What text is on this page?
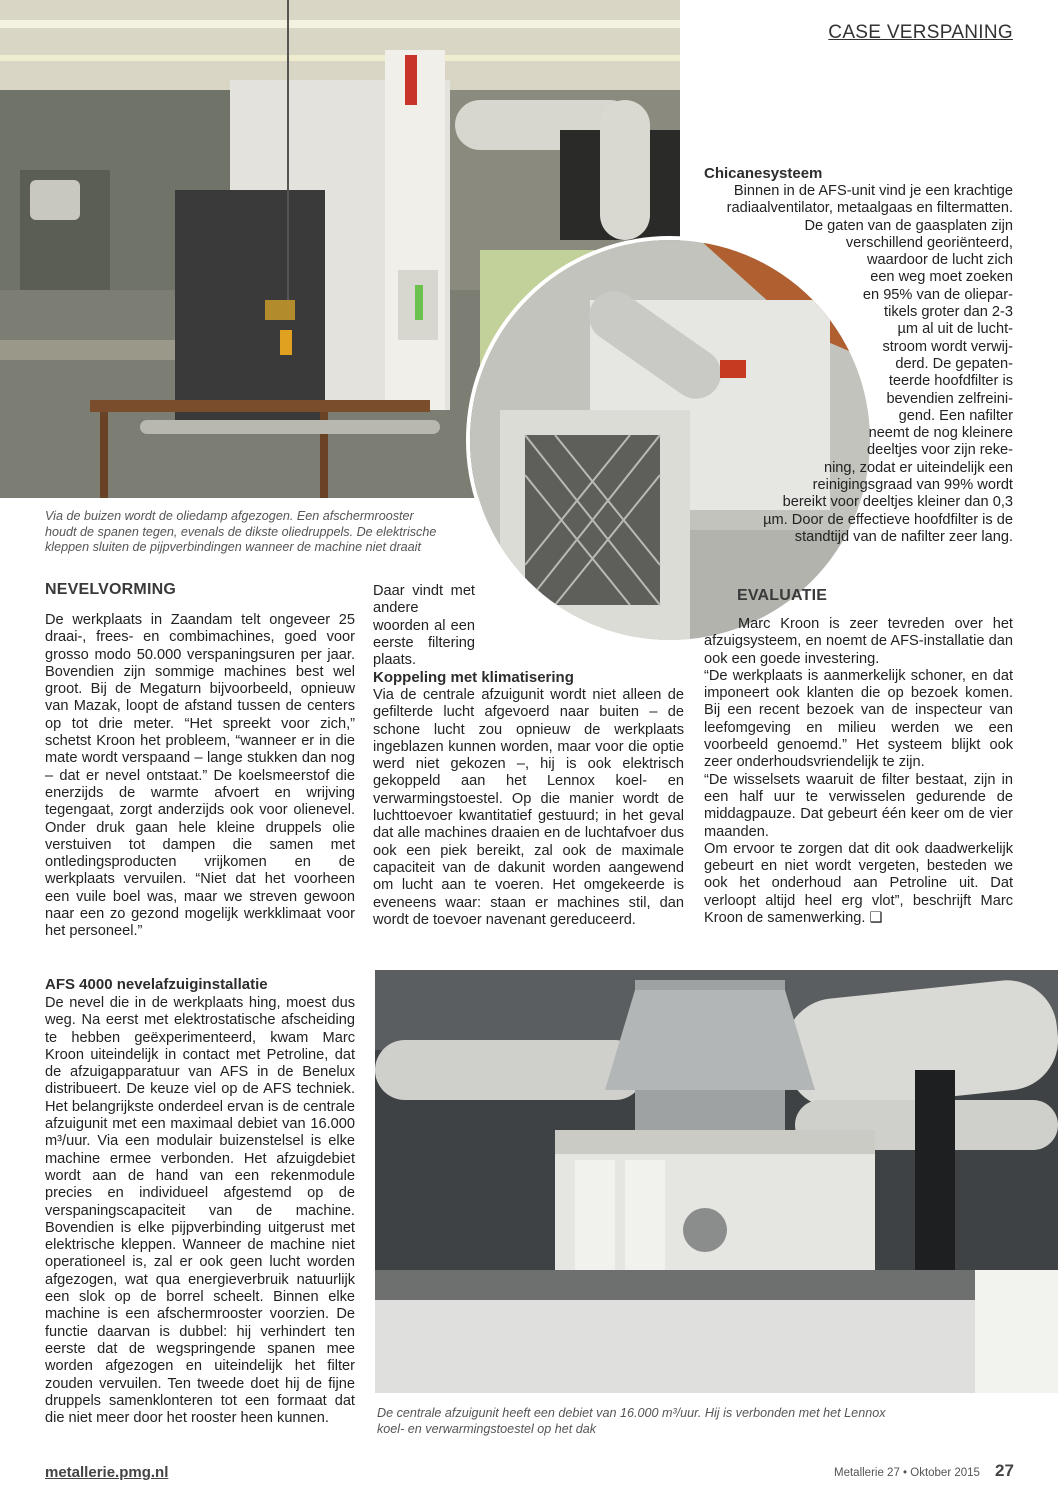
CASE VERSPANING
Via de buizen wordt de oliedamp afgezogen. Een afschermrooster houdt de spanen tegen, evenals de dikste oliedruppels. De elektrische kleppen sluiten de pijpverbindingen wanneer de machine niet draait
NEVELVORMING
De werkplaats in Zaandam telt ongeveer 25 draai-, frees- en combimachines, goed voor grosso modo 50.000 verspaningsuren per jaar. Bovendien zijn sommige machines best wel groot. Bij de Megaturn bijvoorbeeld, opnieuw van Mazak, loopt de afstand tussen de centers op tot drie meter. “Het spreekt voor zich,” schetst Kroon het probleem, “wanneer er in die mate wordt verspaand – lange stukken dan nog – dat er nevel ontstaat.” De koelsmeerstof die enerzijds de warmte afvoert en wrijving tegengaat, zorgt anderzijds ook voor olienevel. Onder druk gaan hele kleine druppels olie verstuiven tot dampen die samen met ontledingsproducten vrijkomen en de werkplaats vervuilen. “Niet dat het voorheen een vuile boel was, maar we streven gewoon naar een zo gezond mogelijk werkklimaat voor het personeel.”
AFS 4000 nevelafzuiginstallatie
De nevel die in de werkplaats hing, moest dus weg. Na eerst met elektrostatische afscheiding te hebben geëxperimenteerd, kwam Marc Kroon uiteindelijk in contact met Petroline, dat de afzuigapparatuur van AFS in de Benelux distribueert. De keuze viel op de AFS techniek. Het belangrijkste onderdeel ervan is de centrale afzuigunit met een maximaal debiet van 16.000 m³/uur. Via een modulair buizenstelsel is elke machine ermee verbonden. Het afzuigdebiet wordt aan de hand van een rekenmodule precies en individueel afgestemd op de verspaningscapaciteit van de machine. Bovendien is elke pijpverbinding uitgerust met elektrische kleppen. Wanneer de machine niet operationeel is, zal er ook geen lucht worden afgezogen, wat qua energieverbruik natuurlijk een slok op de borrel scheelt. Binnen elke machine is een afschermrooster voorzien. De functie daarvan is dubbel: hij verhindert ten eerste dat de wegspringende spanen mee worden afgezogen en uiteindelijk het filter zouden vervuilen. Ten tweede doet hij de fijne druppels samenklonteren tot een formaat dat die niet meer door het rooster heen kunnen.
Daar vindt met andere woorden al een eerste filtering plaats.
Koppeling met klimatisering
Via de centrale afzuigunit wordt niet alleen de gefilterde lucht afgevoerd naar buiten – de schone lucht zou opnieuw de werkplaats ingeblazen kunnen worden, maar voor die optie werd niet gekozen –, hij is ook elektrisch gekoppeld aan het Lennox koel- en verwarmingstoestel. Op die manier wordt de luchttoevoer kwantitatief gestuurd; in het geval dat alle machines draaien en de luchtafvoer dus ook een piek bereikt, zal ook de maximale capaciteit van de dakunit worden aangewend om lucht aan te voeren. Het omgekeerde is eveneens waar: staan er machines stil, dan wordt de toevoer navenant gereduceerd.
Chicanesysteem
Binnen in de AFS-unit vind je een krachtige
radiaalventilator, metaalgaas en filtermatten.
De gaten van de gaasplaten zijn
verschillend georiënteerd,
waardoor de lucht zich
een weg moet zoeken
en 95% van de oliepar-
tikels groter dan 2-3
µm al uit de lucht-
stroom wordt verwij-
derd. De gepaten-
teerde hoofdfilter is
bevendien zelfreini-
gend. Een nafilter
neemt de nog kleinere
deeltjes voor zijn reke-
ning, zodat er uiteindelijk een
reinigingsgraad van 99% wordt
bereikt voor deeltjes kleiner dan 0,3
µm. Door de effectieve hoofdfilter is de
standtijd van de nafilter zeer lang.
EVALUATIE

Marc Kroon is zeer tevreden over het afzuigsysteem, en noemt de AFS-installatie dan ook een goede investering.

“De werkplaats is aanmerkelijk schoner, en dat imponeert ook klanten die op bezoek komen. Bij een recent bezoek van de inspecteur van leefomgeving en milieu werden we een voorbeeld genoemd.” Het systeem blijkt ook zeer onderhoudsvriendelijk te zijn.

“De wisselsets waaruit de filter bestaat, zijn in een half uur te verwisselen gedurende de middagpauze. Dat gebeurt één keer om de vier maanden.

Om ervoor te zorgen dat dit ook daadwerkelijk gebeurt en niet wordt vergeten, besteden we ook het onderhoud aan Petroline uit. Dat verloopt altijd heel erg vlot”, beschrijft Marc Kroon de samenwerking. ❑

De centrale afzuigunit heeft een debiet van 16.000 m³/uur. Hij is verbonden met het Lennox koel- en verwarmingstoestel op het dak
metallerie.pmg.nl	Metallerie 27 • Oktober 2015 27
